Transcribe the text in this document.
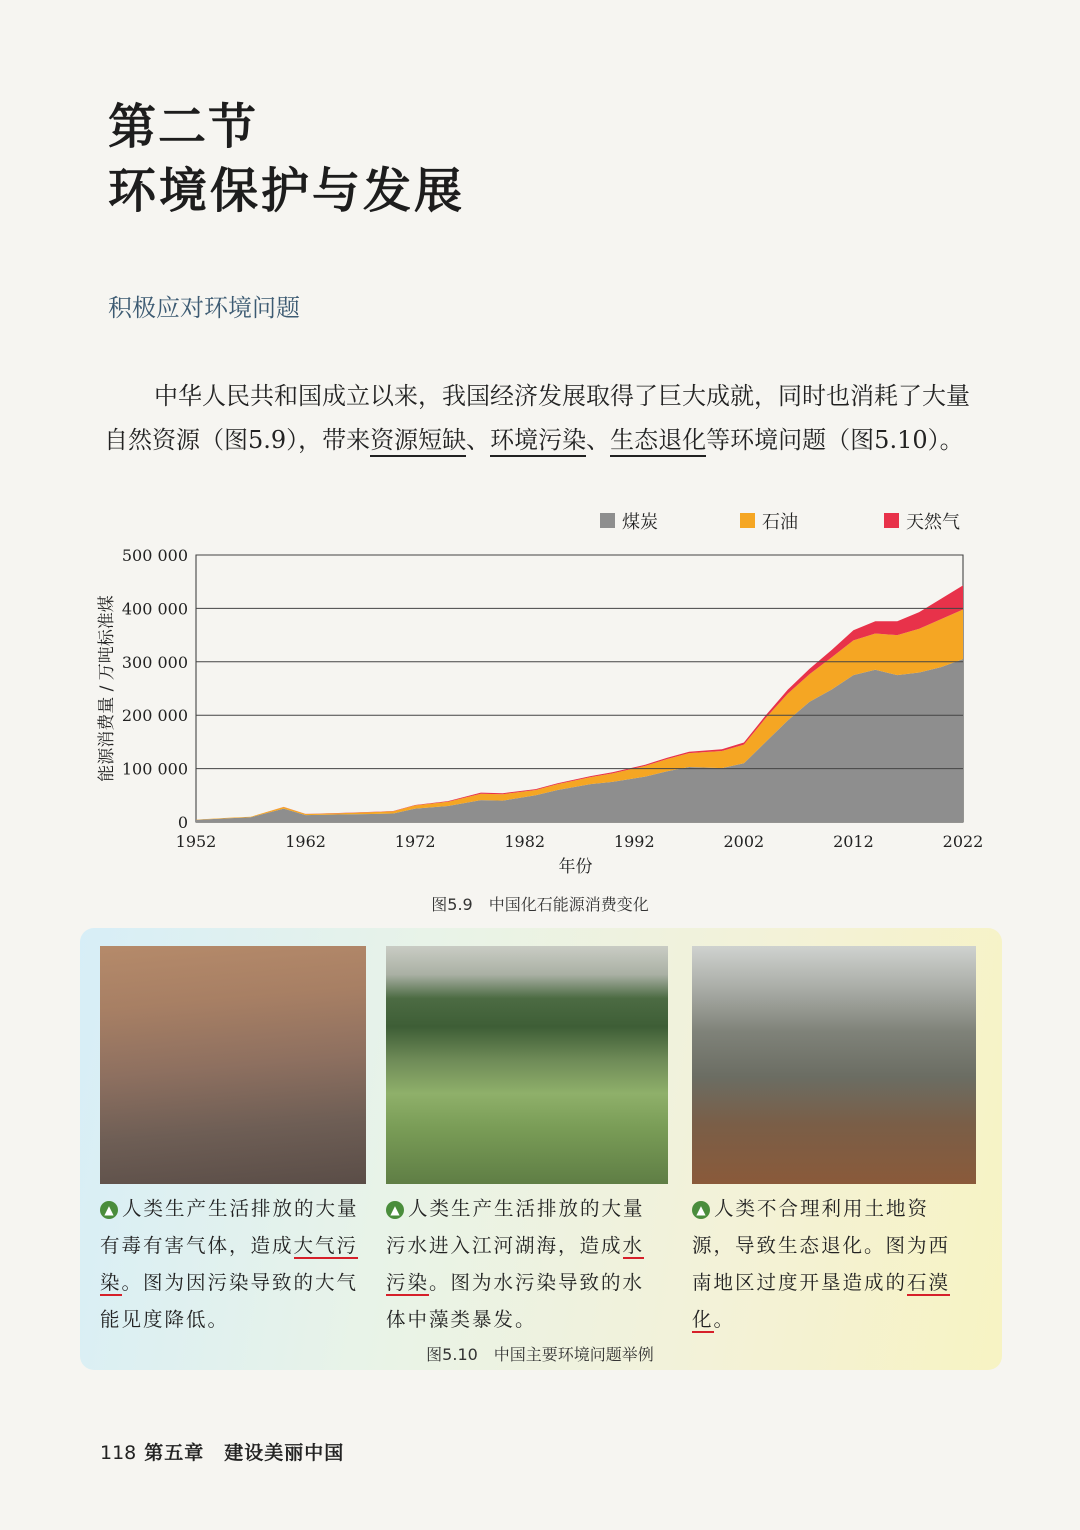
第二节
环境保护与发展
积极应对环境问题
中华人民共和国成立以来，我国经济发展取得了巨大成就，同时也消耗了大量自然资源（图5.9），带来资源短缺、环境污染、生态退化等环境问题（图5.10）。
0
100 000
200 000
300 000
400 000
500 000
1952	1962	1972	1982	1992	2002	2012	2022
年份
能源消费量 / 万吨标准煤
煤炭	石油	天然气
图5.9　中国化石能源消费变化
▲ 人类生产生活排放的大量有毒有害气体，造成大气污染。图为因污染导致的大气能见度降低。
▲ 人类生产生活排放的大量污水进入江河湖海，造成水污染。图为水污染导致的水体中藻类暴发。
▲ 人类不合理利用土地资源，导致生态退化。图为西南地区过度开垦造成的石漠化。
图5.10　中国主要环境问题举例
118 第五章　建设美丽中国
